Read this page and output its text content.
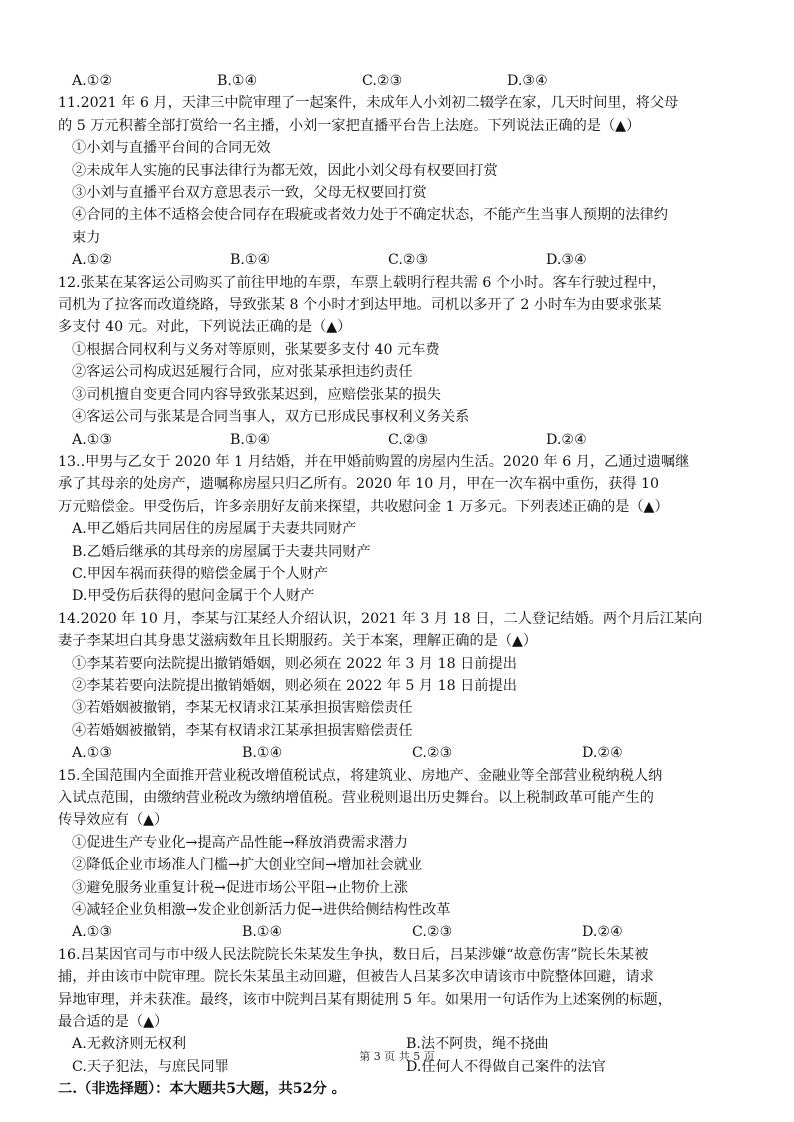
A.①②	B.①④	C.②③	D.③④
11.2021 年 6 月，天津三中院审理了一起案件，未成年人小刘初二辍学在家，几天时间里，将父母
的 5 万元积蓄全部打赏给一名主播，小刘一家把直播平台告上法庭。下列说法正确的是（▲）
①小刘与直播平台间的合同无效
②未成年人实施的民事法律行为都无效，因此小刘父母有权要回打赏
③小刘与直播平台双方意思表示一致，父母无权要回打赏
④合同的主体不适格会使合同存在瑕疵或者效力处于不确定状态，不能产生当事人预期的法律约
束力
A.①②	B.①④	C.②③	D.③④
12.张某在某客运公司购买了前往甲地的车票，车票上载明行程共需 6 个小时。客车行驶过程中，
司机为了拉客而改道绕路，导致张某 8 个小时才到达甲地。司机以多开了 2 小时车为由要求张某
多支付 40 元。对此，下列说法正确的是（▲）
①根据合同权利与义务对等原则，张某要多支付 40 元车费
②客运公司构成迟延履行合同，应对张某承担违约责任
③司机擅自变更合同内容导致张某迟到，应赔偿张某的损失
④客运公司与张某是合同当事人，双方已形成民事权利义务关系
A.①③	B.①④	C.②③	D.②④
13..甲男与乙女于 2020 年 1 月结婚，并在甲婚前购置的房屋内生活。2020 年 6 月，乙通过遗嘱继
承了其母亲的处房产，遗嘱称房屋只归乙所有。2020 年 10 月，甲在一次车祸中重伤，获得 10
万元赔偿金。甲受伤后，许多亲朋好友前来探望，共收慰问金 1 万多元。下列表述正确的是（▲）
A.甲乙婚后共同居住的房屋属于夫妻共同财产
B.乙婚后继承的其母亲的房屋属于夫妻共同财产
C.甲因车祸而获得的赔偿金属于个人财产
D.甲受伤后获得的慰问金属于个人财产
14.2020 年 10 月，李某与江某经人介绍认识，2021 年 3 月 18 日，二人登记结婚。两个月后江某向
妻子李某坦白其身患艾滋病数年且长期服药。关于本案，理解正确的是（▲）
①李某若要向法院提出撤销婚姻，则必须在 2022 年 3 月 18 日前提出
②李某若要向法院提出撤销婚姻，则必须在 2022 年 5 月 18 日前提出
③若婚姻被撤销，李某无权请求江某承担损害赔偿责任
④若婚姻被撤销，李某有权请求江某承担损害赔偿责任
A.①③	B.①④	C.②③	D.②④
15.全国范围内全面推开营业税改增值税试点，将建筑业、房地产、金融业等全部营业税纳税人纳
入试点范围，由缴纳营业税改为缴纳增值税。营业税则退出历史舞台。以上税制政革可能产生的
传导效应有（▲）
①促进生产专业化→提高产品性能→释放消费需求潜力
②降低企业市场准人门槛→扩大创业空间→增加社会就业
③避免服务业重复计税→促进市场公平阻→止物价上涨
④减轻企业负相激→发企业创新活力促→进供给侧结构性改革
A.①③	B.①④	C.②③	D.②④
16.吕某因官司与市中级人民法院院长朱某发生争执，数日后，吕某涉嫌“故意伤害”院长朱某被
捕，并由该市中院审理。院长朱某虽主动回避，但被告人吕某多次申请该市中院整体回避，请求
异地审理，并未获准。最终，该市中院判吕某有期徒刑 5 年。如果用一句话作为上述案例的标题，
最合适的是（▲）
A.无救济则无权利	B.法不阿贵，绳不挠曲
C.天子犯法，与庶民同罪	D.任何人不得做自己案件的法官
二.（非选择题）：本大题共5大题，共52分 。
第 3 页 共 5 页
